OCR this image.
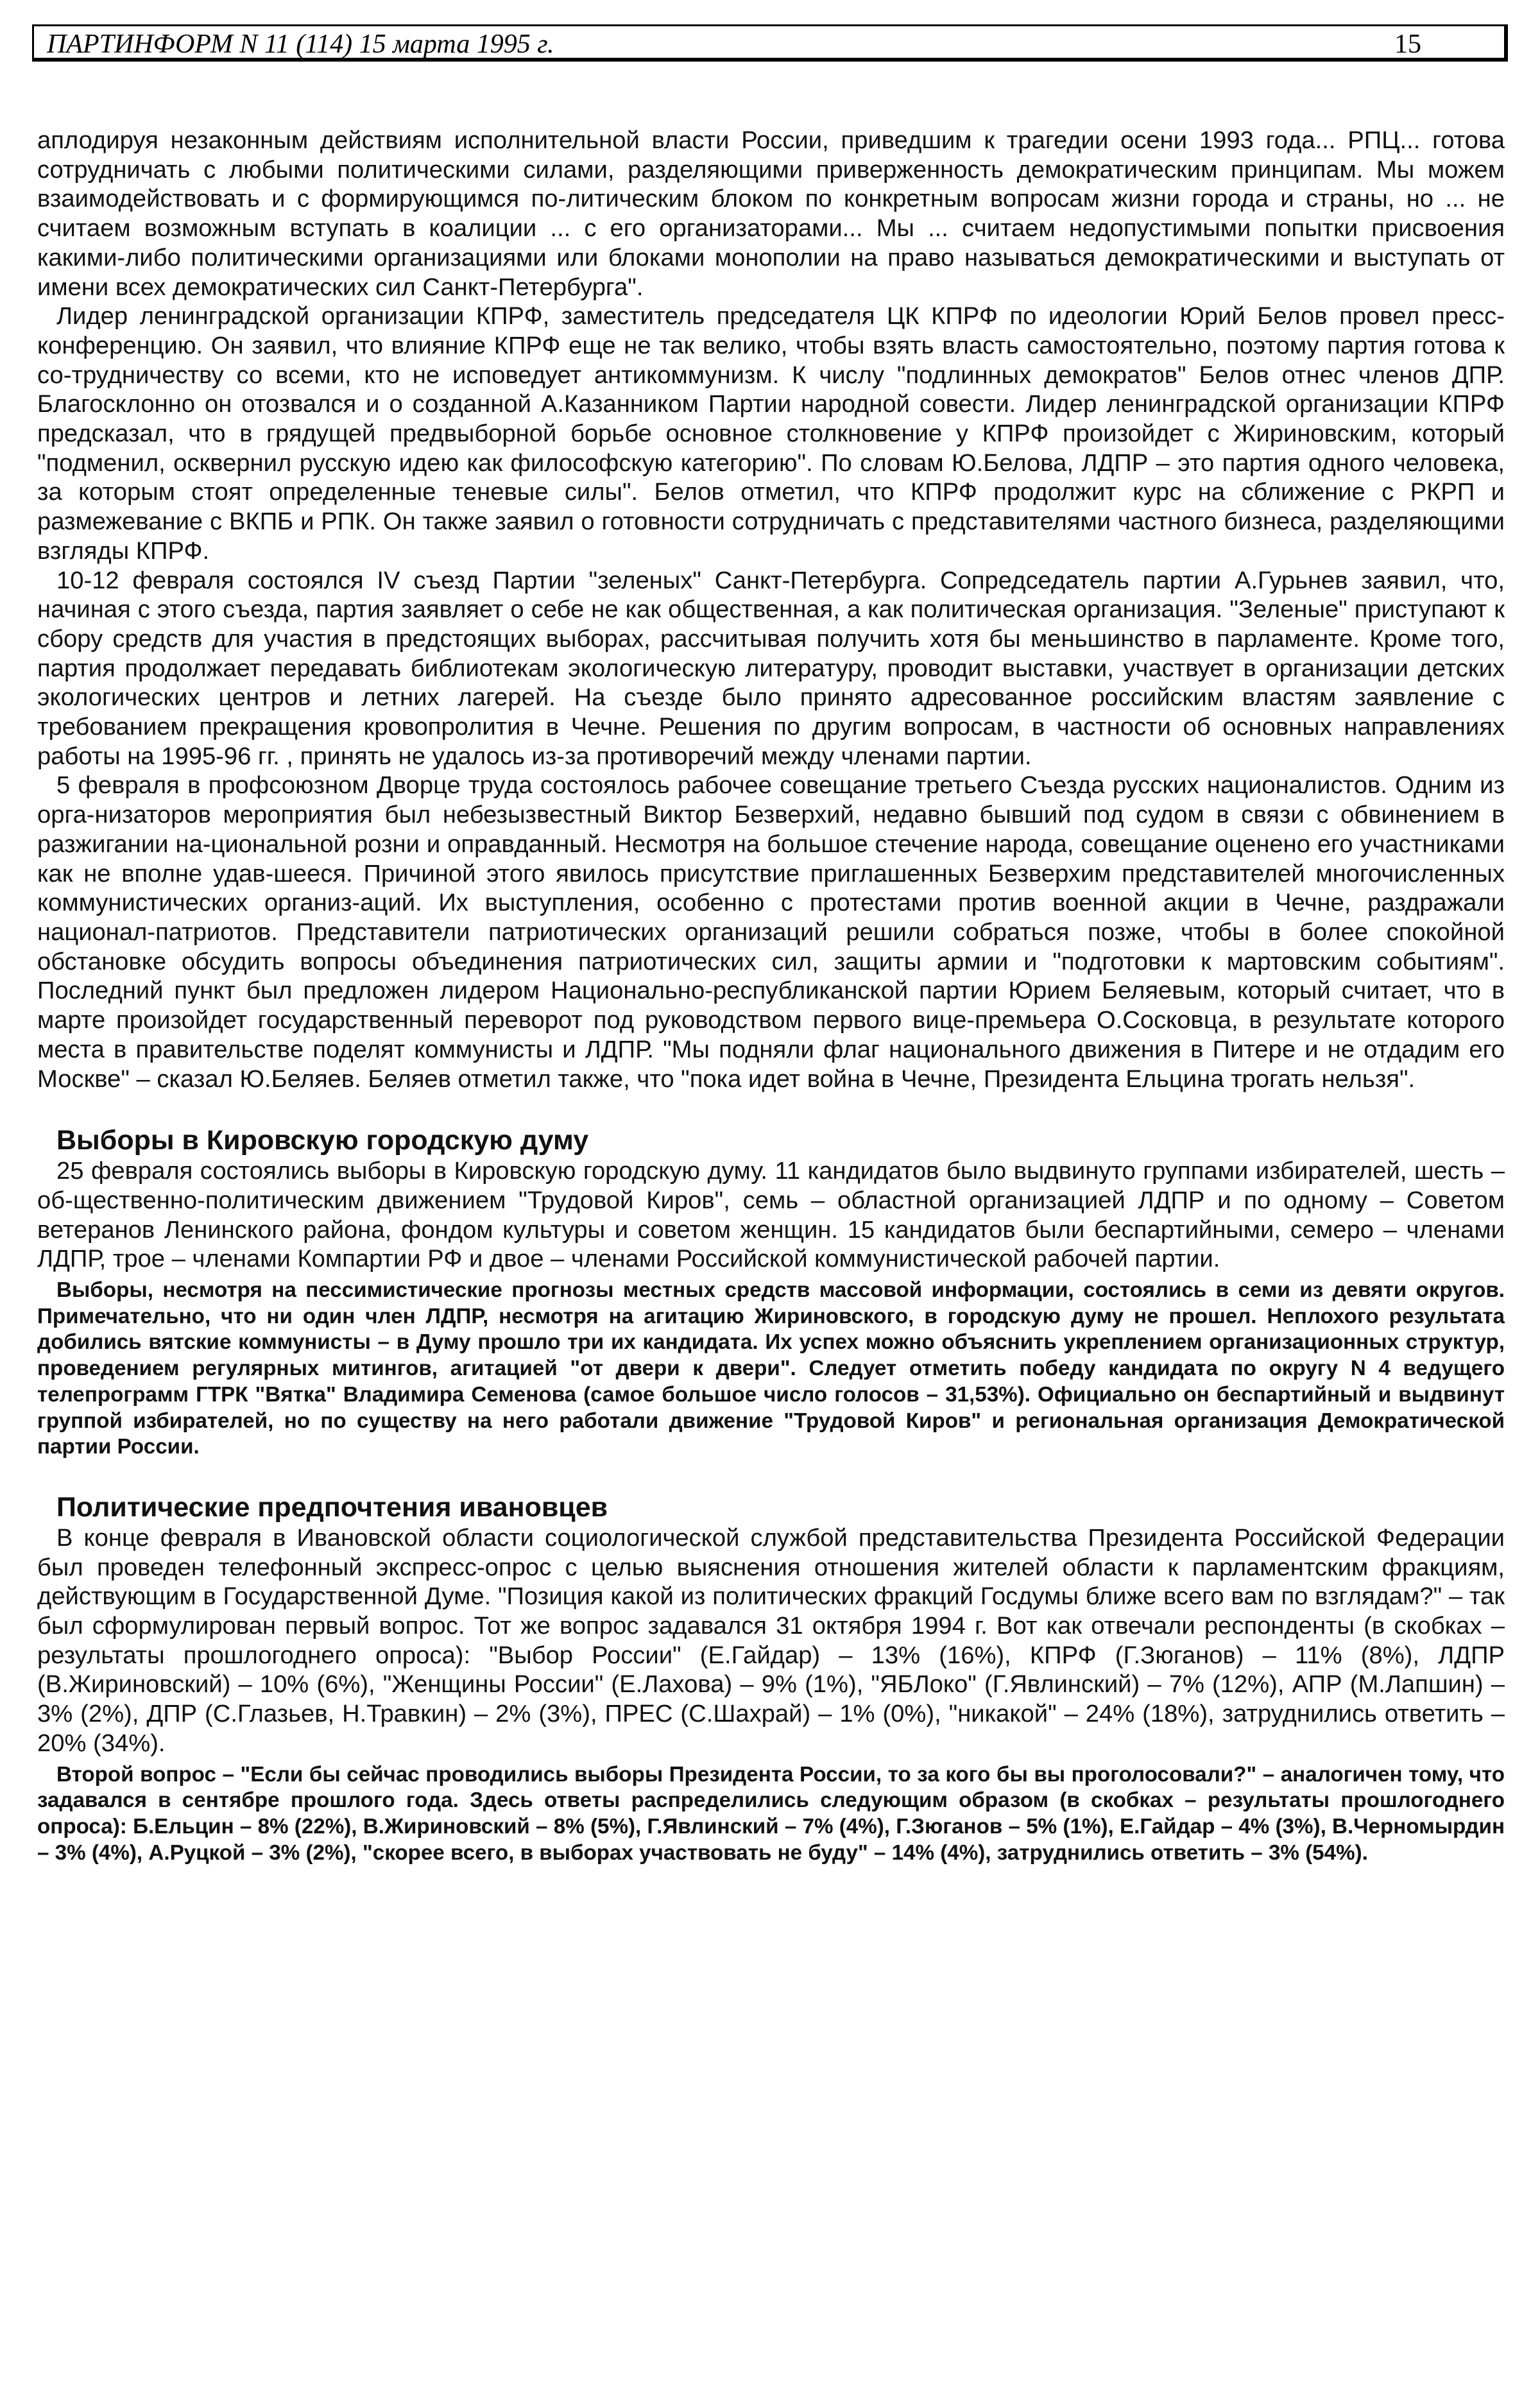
ПАРТИНФОРМ N 11 (114) 15 марта 1995 г.	15

аплодируя незаконным действиям исполнительной власти России, приведшим к трагедии осени 1993 года... РПЦ... готова сотрудничать с любыми политическими силами, разделяющими приверженность демократическим принципам. Мы можем взаимодействовать и с формирующимся по-литическим блоком по конкретным вопросам жизни города и страны, но ... не считаем возможным вступать в коалиции ... с его организаторами... Мы ... считаем недопустимыми попытки присвоения какими-либо политическими организациями или блоками монополии на право называться демократическими и выступать от имени всех демократических сил Санкт-Петербурга".

Лидер ленинградской организации КПРФ, заместитель председателя ЦК КПРФ по идеологии Юрий Белов провел пресс-конференцию. Он заявил, что влияние КПРФ еще не так велико, чтобы взять власть самостоятельно, поэтому партия готова к со-трудничеству со всеми, кто не исповедует антикоммунизм. К числу "подлинных демократов" Белов отнес членов ДПР. Благосклонно он отозвался и о созданной А.Казанником Партии народной совести. Лидер ленинградской организации КПРФ предсказал, что в грядущей предвыборной борьбе основное столкновение у КПРФ произойдет с Жириновским, который "подменил, осквернил русскую идею как философскую категорию". По словам Ю.Белова, ЛДПР – это партия одного человека, за которым стоят определенные теневые силы". Белов отметил, что КПРФ продолжит курс на сближение с РКРП и размежевание с ВКПБ и РПК. Он также заявил о готовности сотрудничать с представителями частного бизнеса, разделяющими взгляды КПРФ.

10-12 февраля состоялся IV съезд Партии "зеленых" Санкт-Петербурга. Сопредседатель партии А.Гурьнев заявил, что, начиная с этого съезда, партия заявляет о себе не как общественная, а как политическая организация. "Зеленые" приступают к сбору средств для участия в предстоящих выборах, рассчитывая получить хотя бы меньшинство в парламенте. Кроме того, партия продолжает передавать библиотекам экологическую литературу, проводит выставки, участвует в организации детских экологических центров и летних лагерей. На съезде было принято адресованное российским властям заявление с требованием прекращения кровопролития в Чечне. Решения по другим вопросам, в частности об основных направлениях работы на 1995-96 гг. , принять не удалось из-за противоречий между членами партии.

5 февраля в профсоюзном Дворце труда состоялось рабочее совещание третьего Съезда русских националистов. Одним из орга-низаторов мероприятия был небезызвестный Виктор Безверхий, недавно бывший под судом в связи с обвинением в разжигании на-циональной розни и оправданный. Несмотря на большое стечение народа, совещание оценено его участниками как не вполне удав-шееся. Причиной этого явилось присутствие приглашенных Безверхим представителей многочисленных коммунистических организ-аций. Их выступления, особенно с протестами против военной акции в Чечне, раздражали национал-патриотов. Представители патриотических организаций решили собраться позже, чтобы в более спокойной обстановке обсудить вопросы объединения патриотических сил, защиты армии и "подготовки к мартовским событиям". Последний пункт был предложен лидером Национально-республиканской партии Юрием Беляевым, который считает, что в марте произойдет государственный переворот под руководством первого вице-премьера О.Сосковца, в результате которого места в правительстве поделят коммунисты и ЛДПР. "Мы подняли флаг национального движения в Питере и не отдадим его Москве" – сказал Ю.Беляев. Беляев отметил также, что "пока идет война в Чечне, Президента Ельцина трогать нельзя".

Выборы в Кировскую городскую думу

25 февраля состоялись выборы в Кировскую городскую думу. 11 кандидатов было выдвинуто группами избирателей, шесть – об-щественно-политическим движением "Трудовой Киров", семь – областной организацией ЛДПР и по одному – Советом ветеранов Ленинского района, фондом культуры и советом женщин. 15 кандидатов были беспартийными, семеро – членами ЛДПР, трое – членами Компартии РФ и двое – членами Российской коммунистической рабочей партии.

Выборы, несмотря на пессимистические прогнозы местных средств массовой информации, состоялись в семи из девяти округов. Примечательно, что ни один член ЛДПР, несмотря на агитацию Жириновского, в городскую думу не прошел. Неплохого результата добились вятские коммунисты – в Думу прошло три их кандидата. Их успех можно объяснить укреплением организационных структур, проведением регулярных митингов, агитацией "от двери к двери". Следует отметить победу кандидата по округу N 4 ведущего телепрограмм ГТРК "Вятка" Владимира Семенова (самое большое число голосов – 31,53%). Официально он беспартийный и выдвинут группой избирателей, но по существу на него работали движение "Трудовой Киров" и региональная организация Демократической партии России.

Политические предпочтения ивановцев

В конце февраля в Ивановской области социологической службой представительства Президента Российской Федерации был проведен телефонный экспресс-опрос с целью выяснения отношения жителей области к парламентским фракциям, действующим в Государственной Думе. "Позиция какой из политических фракций Госдумы ближе всего вам по взглядам?" – так был сформулирован первый вопрос. Тот же вопрос задавался 31 октября 1994 г. Вот как отвечали респонденты (в скобках – результаты прошлогоднего опроса): "Выбор России" (Е.Гайдар) – 13% (16%), КПРФ (Г.Зюганов) – 11% (8%), ЛДПР (В.Жириновский) – 10% (6%), "Женщины России" (Е.Лахова) – 9% (1%), "ЯБЛоко" (Г.Явлинский) – 7% (12%), АПР (М.Лапшин) – 3% (2%), ДПР (С.Глазьев, Н.Травкин) – 2% (3%), ПРЕС (С.Шахрай) – 1% (0%), "никакой" – 24% (18%), затруднились ответить – 20% (34%).

Второй вопрос – "Если бы сейчас проводились выборы Президента России, то за кого бы вы проголосовали?" – аналогичен тому, что задавался в сентябре прошлого года. Здесь ответы распределились следующим образом (в скобках – результаты прошлогоднего опроса): Б.Ельцин – 8% (22%), В.Жириновский – 8% (5%), Г.Явлинский – 7% (4%), Г.Зюганов – 5% (1%), Е.Гайдар – 4% (3%), В.Черномырдин – 3% (4%), А.Руцкой – 3% (2%), "скорее всего, в выборах участвовать не буду" – 14% (4%), затруднились ответить – 3% (54%).
